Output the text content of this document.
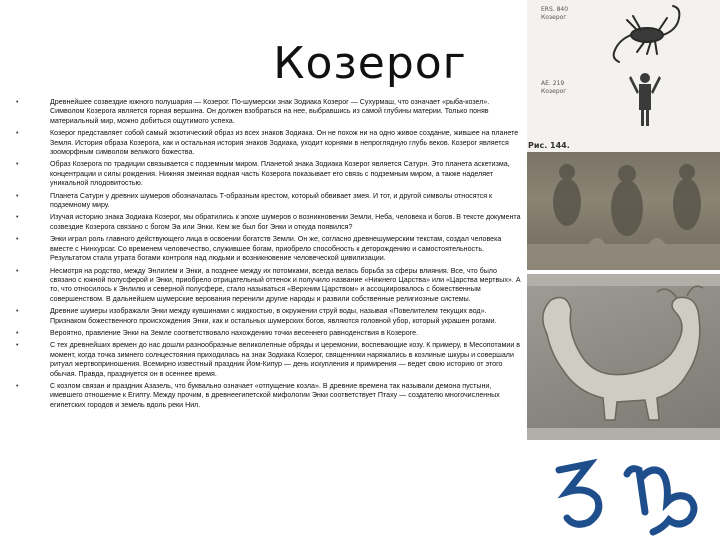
Козерог
•	Древнейшее созвездие южного полушария — Козерог. По-шумерски знак Зодиака Козерог — Сухурмаш, что означает «рыба-козел». Символом Козерога является горная вершина. Он должен взобраться на нее, выбравшись из самой глубины материи. Только поняв материальный мир, можно добиться ощутимого успеха.
•	Козерог представляет собой самый экзотический образ из всех знаков Зодиака. Он не похож ни на одно живое создание, жившее на планете Земля. История образа Козерога, как и остальная история знаков Зодиака, уходит корнями в непроглядную глубь веков. Козерог является зооморфным символом великого божества.
•	Образ Козерога по традиции связывается с подземным миром. Планетой знака Зодиака Козерог является Сатурн. Это планета аскетизма, концентрации и силы рождения. Нижняя змеиная водная часть Козерога показывает его связь с подземным миром, а также наделяет уникальной плодовитостью.
•	Планета Сатурн у древних шумеров обозначалась Т-образным крестом, который обвивает змея. И тот, и другой символы относятся к подземному миру.
•	Изучая историю знака Зодиака Козерог, мы обратились к эпохе шумеров о возникновении Земли, Неба, человека и богов. В тексте документа созвездие Козерога связано с богом Эа или Энки. Кем же был бог Энки и откуда появился?
•	Энки играл роль главного действующего лица в освоении богатств Земли. Он же, согласно древнешумерским текстам, создал человека вместе с Нинхурсаг. Со временем человечество, служившее богам, приобрело способность к деторождению и самостоятельность. Результатом стала утрата богами контроля над людьми и возникновение человеческой цивилизации.
•	Несмотря на родство, между Энлилем и Энки, а позднее между их потомками, всегда велась борьба за сферы влияния. Все, что было связано с южной полусферой и Энки, приобрело отрицательный оттенок и получило название «Нижнего Царства» или «Царства мертвых». А то, что относилось к Энлилю и северной полусфере, стало называться «Верхним Царством» и ассоциировалось с божественным совершенством. В дальнейшем шумерские верования перенили другие народы и развили собственные религиозные системы.
•	Древние шумеры изображали Энки между кувшинами с жидкостью, в окружении струй воды, называя «Повелителем текущих вод». Признаком божественного происхождения Энки, как и остальных шумерских богов, являются головной убор, который украшен рогами.
•	Вероятно, правление Энки на Земле соответствовало нахождению точки весеннего равноденствия в Козероге.
•	С тех древнейших времен до нас дошли разнообразные великолепные обряды и церемонии, воспевающие козу. К примеру, в Месопотамии в момент, когда точка зимнего солнцестояния приходилась на знак Зодиака Козерог, священники наряжались в козлиные шкуры и совершали ритуал жертвоприношения. Всемирно известный праздник Йом-Кипур — день искупления и примирения — ведет свою историю от этого обычая. Правда, празднуется он в осеннее время.
•	С козлом связан и праздник Азазель, что буквально означает «отпущение козла». В древние времена так называли демона пустыни, имевшего отношение к Египту. Между прочим, в древнеегипетской мифологии Энки соответствует Птаху — создателю многочисленных египетских городов и земель вдоль реки Нил.
ERS. 840
Козерог
AE. 219
Козерог
Рис. 144.
